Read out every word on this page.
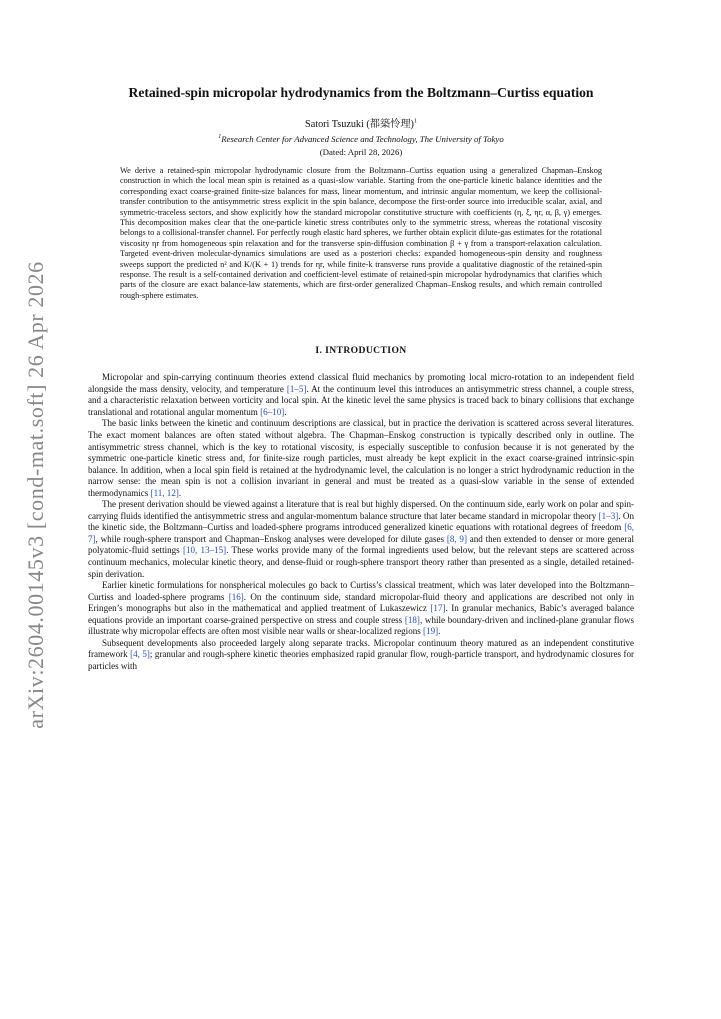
arXiv:2604.00145v3 [cond-mat.soft] 26 Apr 2026
Retained-spin micropolar hydrodynamics from the Boltzmann–Curtiss equation
Satori Tsuzuki (都築怜理)$^1$
$^1$Research Center for Advanced Science and Technology, The University of Tokyo
(Dated: April 28, 2026)
We derive a retained-spin micropolar hydrodynamic closure from the Boltzmann–Curtiss equation using a generalized Chapman–Enskog construction in which the local mean spin is retained as a quasi-slow variable. Starting from the one-particle kinetic balance identities and the corresponding exact coarse-grained finite-size balances for mass, linear momentum, and intrinsic angular momentum, we keep the collisional-transfer contribution to the antisymmetric stress explicit in the spin balance, decompose the first-order source into irreducible scalar, axial, and symmetric-traceless sectors, and show explicitly how the standard micropolar constitutive structure with coefficients (η, ξ, ηr, α, β, γ) emerges. This decomposition makes clear that the one-particle kinetic stress contributes only to the symmetric stress, whereas the rotational viscosity belongs to a collisional-transfer channel. For perfectly rough elastic hard spheres, we further obtain explicit dilute-gas estimates for the rotational viscosity ηr from homogeneous spin relaxation and for the transverse spin-diffusion combination β + γ from a transport-relaxation calculation. Targeted event-driven molecular-dynamics simulations are used as a posteriori checks: expanded homogeneous-spin density and roughness sweeps support the predicted n² and K/(K + 1) trends for ηr, while finite-k transverse runs provide a qualitative diagnostic of the retained-spin response. The result is a self-contained derivation and coefficient-level estimate of retained-spin micropolar hydrodynamics that clarifies which parts of the closure are exact balance-law statements, which are first-order generalized Chapman–Enskog results, and which remain controlled rough-sphere estimates.
I. INTRODUCTION

Micropolar and spin-carrying continuum theories extend classical fluid mechanics by promoting local micro-rotation to an independent field alongside the mass density, velocity, and temperature [1–5]. At the continuum level this introduces an antisymmetric stress channel, a couple stress, and a characteristic relaxation between vorticity and local spin. At the kinetic level the same physics is traced back to binary collisions that exchange translational and rotational angular momentum [6–10].

The basic links between the kinetic and continuum descriptions are classical, but in practice the derivation is scattered across several literatures. The exact moment balances are often stated without algebra. The Chapman–Enskog construction is typically described only in outline. The antisymmetric stress channel, which is the key to rotational viscosity, is especially susceptible to confusion because it is not generated by the symmetric one-particle kinetic stress and, for finite-size rough particles, must already be kept explicit in the exact coarse-grained intrinsic-spin balance. In addition, when a local spin field is retained at the hydrodynamic level, the calculation is no longer a strict hydrodynamic reduction in the narrow sense: the mean spin is not a collision invariant in general and must be treated as a quasi-slow variable in the sense of extended thermodynamics [11, 12].

The present derivation should be viewed against a literature that is real but highly dispersed. On the continuum side, early work on polar and spin-carrying fluids identified the antisymmetric stress and angular-momentum balance structure that later became standard in micropolar theory [1–3]. On the kinetic side, the Boltzmann–Curtiss and loaded-sphere programs introduced generalized kinetic equations with rotational degrees of freedom [6, 7], while rough-sphere transport and Chapman–Enskog analyses were developed for dilute gases [8, 9] and then extended to denser or more general polyatomic-fluid settings [10, 13–15]. These works provide many of the formal ingredients used below, but the relevant steps are scattered across continuum mechanics, molecular kinetic theory, and dense-fluid or rough-sphere transport theory rather than presented as a single, detailed retained-spin derivation.

Earlier kinetic formulations for nonspherical molecules go back to Curtiss’s classical treatment, which was later developed into the Boltzmann–Curtiss and loaded-sphere programs [16]. On the continuum side, standard micropolar-fluid theory and applications are described not only in Eringen’s monographs but also in the mathematical and applied treatment of Lukaszewicz [17]. In granular mechanics, Babic’s averaged balance equations provide an important coarse-grained perspective on stress and couple stress [18], while boundary-driven and inclined-plane granular flows illustrate why micropolar effects are often most visible near walls or shear-localized regions [19].

Subsequent developments also proceeded largely along separate tracks. Micropolar continuum theory matured as an independent constitutive framework [4, 5]; granular and rough-sphere kinetic theories emphasized rapid granular flow, rough-particle transport, and hydrodynamic closures for particles with
